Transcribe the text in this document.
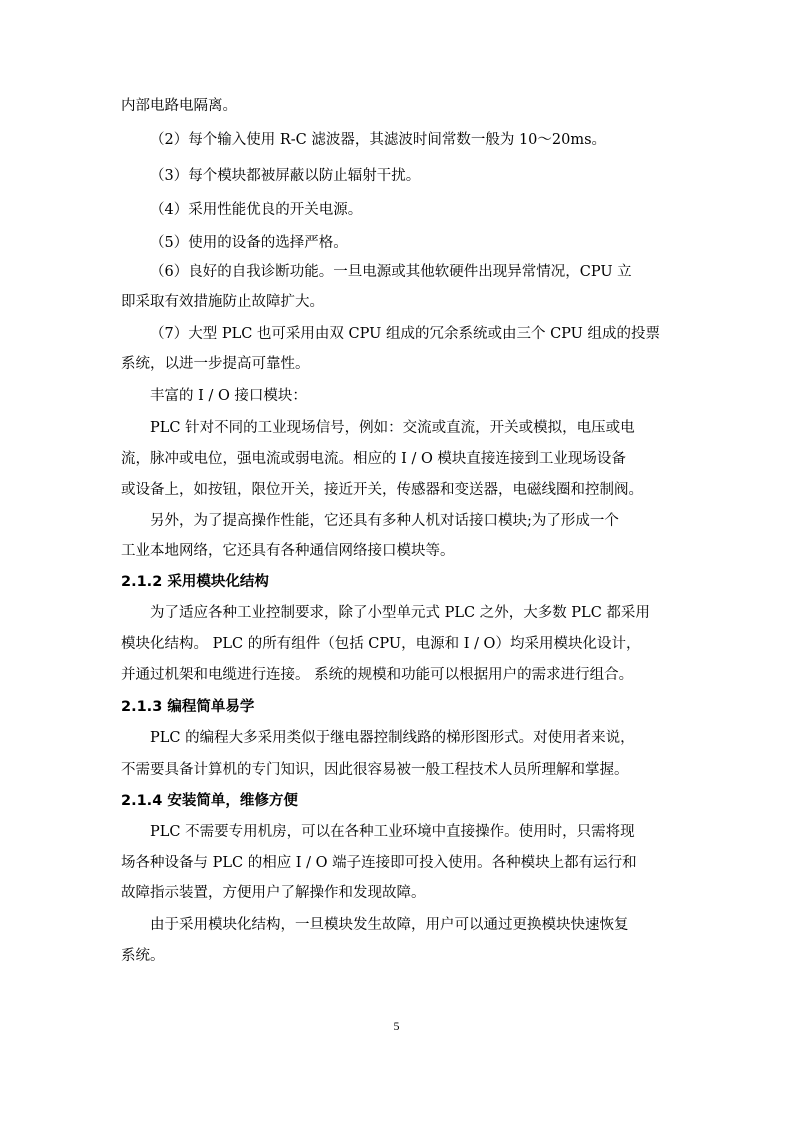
内部电路电隔离。
（2）每个输入使用 R-C 滤波器，其滤波时间常数一般为 10～20ms。
（3）每个模块都被屏蔽以防止辐射干扰。
（4）采用性能优良的开关电源。
（5）使用的设备的选择严格。
（6）良好的自我诊断功能。一旦电源或其他软硬件出现异常情况，CPU 立
即采取有效措施防止故障扩大。
（7）大型 PLC 也可采用由双 CPU 组成的冗余系统或由三个 CPU 组成的投票
系统，以进一步提高可靠性。
丰富的 I / O 接口模块：
PLC 针对不同的工业现场信号，例如：交流或直流，开关或模拟，电压或电
流，脉冲或电位，强电流或弱电流。相应的 I / O 模块直接连接到工业现场设备
或设备上，如按钮，限位开关，接近开关，传感器和变送器，电磁线圈和控制阀。
另外，为了提高操作性能，它还具有多种人机对话接口模块;为了形成一个
工业本地网络，它还具有各种通信网络接口模块等。
2.1.2 采用模块化结构
为了适应各种工业控制要求，除了小型单元式 PLC 之外，大多数 PLC 都采用
模块化结构。 PLC 的所有组件（包括 CPU，电源和 I / O）均采用模块化设计，
并通过机架和电缆进行连接。 系统的规模和功能可以根据用户的需求进行组合。
2.1.3 编程简单易学
PLC 的编程大多采用类似于继电器控制线路的梯形图形式。对使用者来说，
不需要具备计算机的专门知识，因此很容易被一般工程技术人员所理解和掌握。
2.1.4 安装简单，维修方便
PLC 不需要专用机房，可以在各种工业环境中直接操作。使用时，只需将现
场各种设备与 PLC 的相应 I / O 端子连接即可投入使用。各种模块上都有运行和
故障指示装置，方便用户了解操作和发现故障。
由于采用模块化结构，一旦模块发生故障，用户可以通过更换模块快速恢复
系统。
5
